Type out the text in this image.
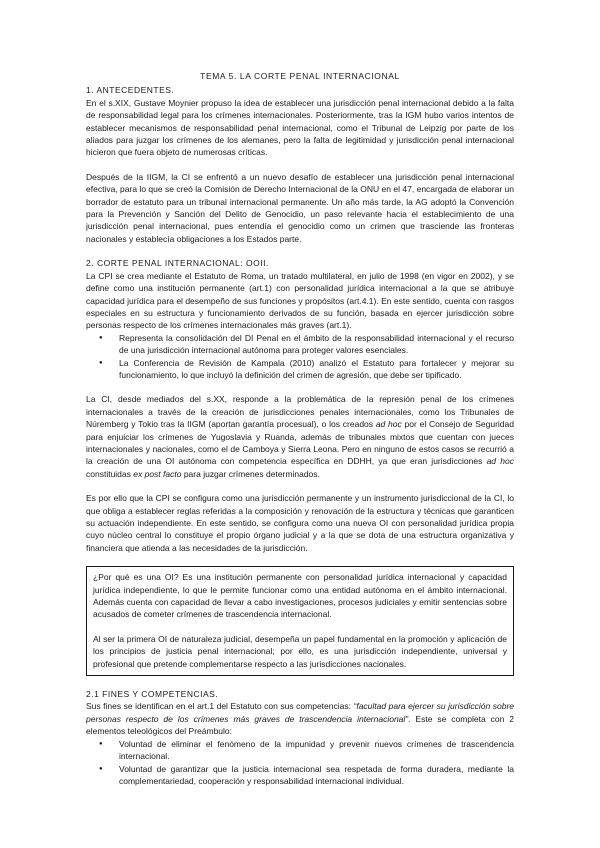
TEMA 5. LA CORTE PENAL INTERNACIONAL
1. ANTECEDENTES.

En el s.XIX, Gustave Moynier propuso la idea de establecer una jurisdicción penal internacional debido a la falta de responsabilidad legal para los crímenes internacionales. Posteriormente, tras la IGM hubo varios intentos de establecer mecanismos de responsabilidad penal internacional, como el Tribunal de Leipzig por parte de los aliados para juzgar los crímenes de los alemanes, pero la falta de legitimidad y jurisdicción penal internacional hicieron que fuera objeto de numerosas críticas.

Después de la IIGM, la CI se enfrentó a un nuevo desafío de establecer una jurisdicción penal internacional efectiva, para lo que se creó la Comisión de Derecho Internacional de la ONU en el 47, encargada de elaborar un borrador de estatuto para un tribunal internacional permanente. Un año más tarde, la AG adoptó la Convención para la Prevención y Sanción del Delito de Genocidio, un paso relevante hacia el establecimiento de una jurisdicción penal internacional, pues entendía el genocidio como un crimen que trasciende las fronteras nacionales y establecía obligaciones a los Estados parte.

2. CORTE PENAL INTERNACIONAL: OOII.

La CPI se crea mediante el Estatuto de Roma, un tratado multilateral, en julio de 1998 (en vigor en 2002), y se define como una institución permanente (art.1) con personalidad jurídica internacional a la que se atribuye capacidad jurídica para el desempeño de sus funciones y propósitos (art.4.1). En este sentido, cuenta con rasgos especiales en su estructura y funcionamiento derivados de su función, basada en ejercer jurisdicción sobre personas respecto de los crímenes internacionales más graves (art.1).

● Representa la consolidación del DI Penal en el ámbito de la responsabilidad internacional y el recurso de una jurisdicción internacional autónoma para proteger valores esenciales.
● La Conferencia de Revisión de Kampala (2010) analizó el Estatuto para fortalecer y mejorar su funcionamiento, lo que incluyó la definición del crimen de agresión, que debe ser tipificado.

La CI, desde mediados del s.XX, responde a la problemática de la represión penal de los crímenes internacionales a través de la creación de jurisdicciones penales internacionales, como los Tribunales de Núremberg y Tokio tras la IIGM (aportan garantía procesual), o los creados ad hoc por el Consejo de Seguridad para enjuiciar los crímenes de Yugoslavia y Ruanda, además de tribunales mixtos que cuentan con jueces internacionales y nacionales, como el de Camboya y Sierra Leona. Pero en ninguno de estos casos se recurrió a la creación de una OI autónoma con competencia específica en DDHH, ya que eran jurisdicciones ad hoc constituidas ex post facto para juzgar crímenes determinados.

Es por ello que la CPI se configura como una jurisdicción permanente y un instrumento jurisdiccional de la CI, lo que obliga a establecer reglas referidas a la composición y renovación de la estructura y técnicas que garanticen su actuación independiente. En este sentido, se configura como una nueva OI con personalidad jurídica propia cuyo núcleo central lo constituye el propio órgano judicial y a la que se dota de una estructura organizativa y financiera que atienda a las necesidades de la jurisdicción.

¿Por qué es una OI? Es una institución permanente con personalidad jurídica internacional y capacidad jurídica independiente, lo que le permite funcionar como una entidad autónoma en el ámbito internacional. Además cuenta con capacidad de llevar a cabo investigaciones, procesos judiciales y emitir sentencias sobre acusados de cometer crímenes de trascendencia internacional.

Al ser la primera OI de naturaleza judicial, desempeña un papel fundamental en la promoción y aplicación de los principios de justicia penal internacional; por ello, es una jurisdicción independiente, universal y profesional que pretende complementarse respecto a las jurisdicciones nacionales.

2.1 FINES Y COMPETENCIAS.

Sus fines se identifican en el art.1 del Estatuto con sus competencias: “facultad para ejercer su jurisdicción sobre personas respecto de los crímenes más graves de trascendencia internacional”. Este se completa con 2 elementos teleológicos del Preámbulo:

● Voluntad de eliminar el fenómeno de la impunidad y prevenir nuevos crímenes de trascendencia internacional.
● Voluntad de garantizar que la justicia internacional sea respetada de forma duradera, mediante la complementariedad, cooperación y responsabilidad internacional individual.
